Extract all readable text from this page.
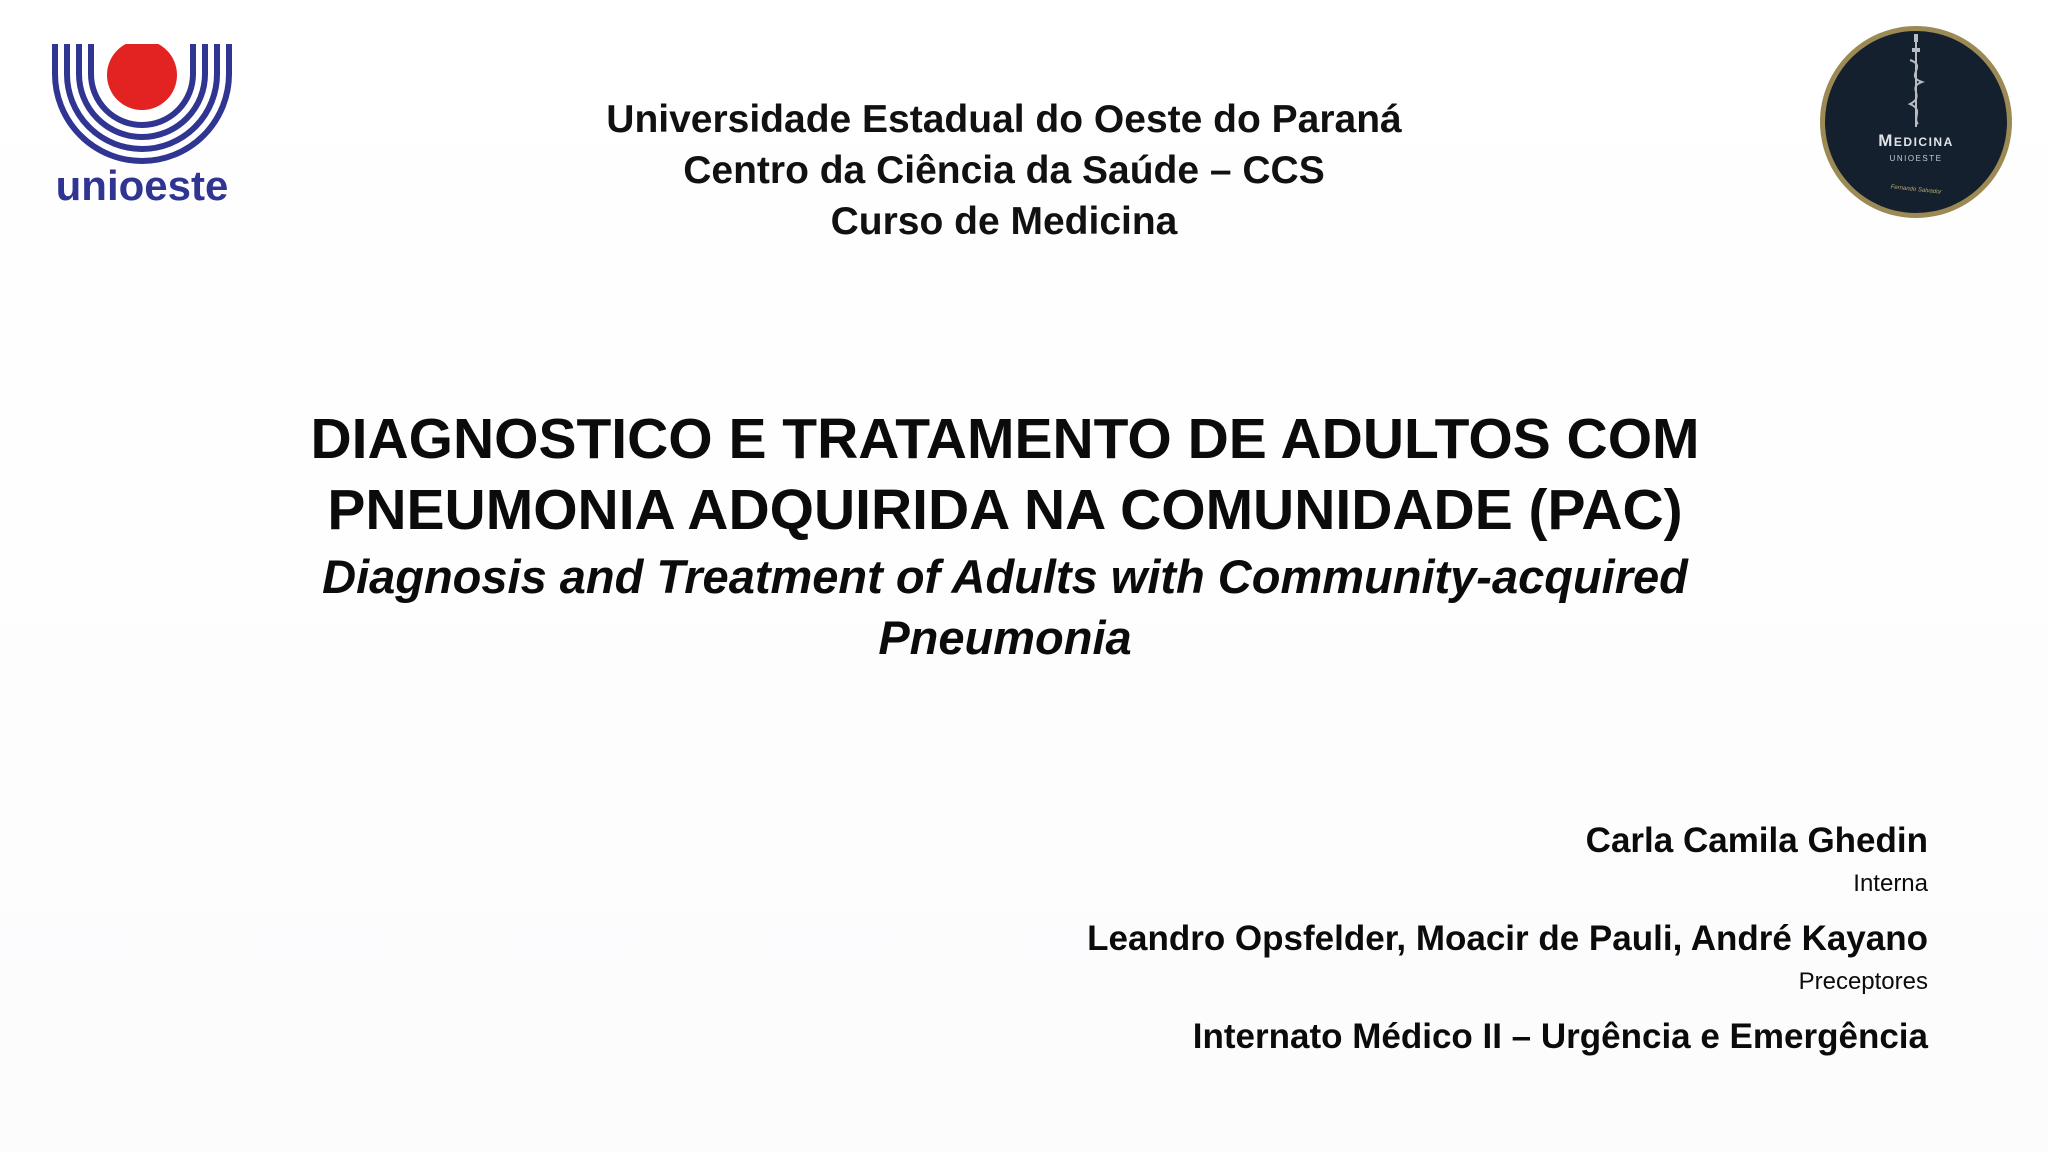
unioeste
Medicina
UNIOESTE
Fernando Salvador
Universidade Estadual do Oeste do Paraná
Centro da Ciência da Saúde – CCS
Curso de Medicina
DIAGNOSTICO E TRATAMENTO DE ADULTOS COM
PNEUMONIA ADQUIRIDA NA COMUNIDADE (PAC)
Diagnosis and Treatment of Adults with Community-acquired
Pneumonia
Carla Camila Ghedin
Interna
Leandro Opsfelder, Moacir de Pauli, André Kayano
Preceptores
Internato Médico II – Urgência e Emergência
